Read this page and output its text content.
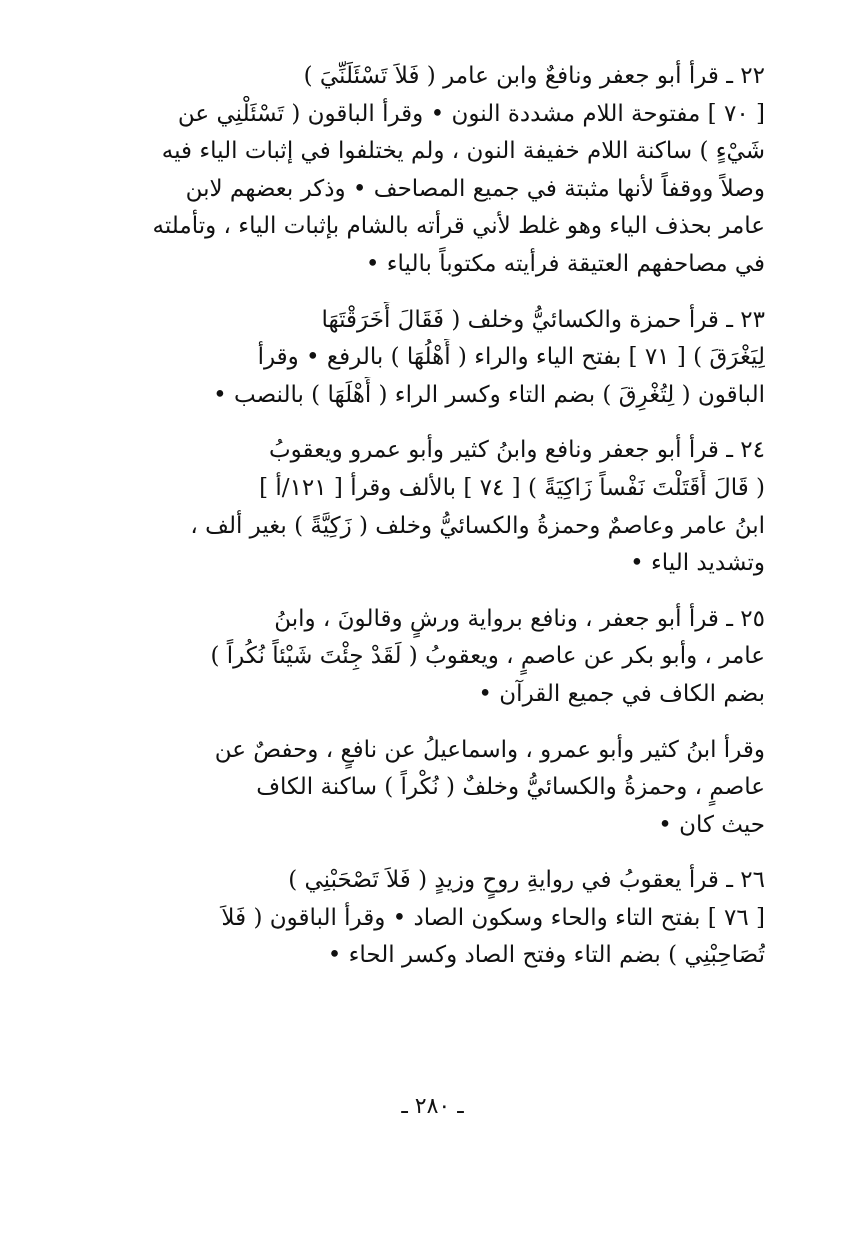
٢٢ ـ قرأ أبو جعفر ونافعٌ وابن عامر ( فَلاَ تَسْئَلَنِّيَ )
[ ٧٠ ] مفتوحة اللام مشددة النون • وقرأ الباقون ( تَسْئَلْنِي عن
شَيْءٍ ) ساكنة اللام خفيفة النون ، ولم يختلفوا في إثبات الياء فيه
وصلاً ووقفاً لأنها مثبتة في جميع المصاحف • وذكر بعضهم لابن
عامر بحذف الياء وهو غلط لأني قرأته بالشام بإثبات الياء ، وتأملته
في مصاحفهم العتيقة فرأيته مكتوباً بالياء •

٢٣ ـ قرأ حمزة والكسائيُّ وخلف ( فَقَالَ أَخَرَقْتَهَا
لِيَغْرَقَ ) [ ٧١ ] بفتح الياء والراء ( أَهْلُهَا ) بالرفع • وقرأ
الباقون ( لِتُغْرِقَ ) بضم التاء وكسر الراء ( أَهْلَهَا ) بالنصب •

٢٤ ـ قرأ أبو جعفر ونافع وابنُ كثير وأبو عمرو ويعقوبُ
( قَالَ أَقَتَلْتَ نَفْساً زَاكِيَةً ) [ ٧٤ ] بالألف وقرأ [ ١٢١/أ ]
ابنُ عامر وعاصمٌ وحمزةُ والكسائيُّ وخلف ( زَكِيَّةً ) بغير ألف ،
وتشديد الياء •

٢٥ ـ قرأ أبو جعفر ، ونافع برواية ورشٍ وقالونَ ، وابنُ
عامر ، وأبو بكر عن عاصمٍ ، ويعقوبُ ( لَقَدْ جِئْتَ شَيْئاً نُكُراً )
بضم الكاف في جميع القرآن •

وقرأ ابنُ كثير وأبو عمرو ، واسماعيلُ عن نافعٍ ، وحفصٌ عن
عاصمٍ ، وحمزةُ والكسائيُّ وخلفٌ ( نُكْراً ) ساكنة الكاف
حيث كان •

٢٦ ـ قرأ يعقوبُ في روايةِ روحٍ وزيدٍ ( فَلاَ تَصْحَبْنِي )
[ ٧٦ ] بفتح التاء والحاء وسكون الصاد • وقرأ الباقون ( فَلاَ
تُصَاحِبْنِي ) بضم التاء وفتح الصاد وكسر الحاء •

ـ ٢٨٠ ـ
